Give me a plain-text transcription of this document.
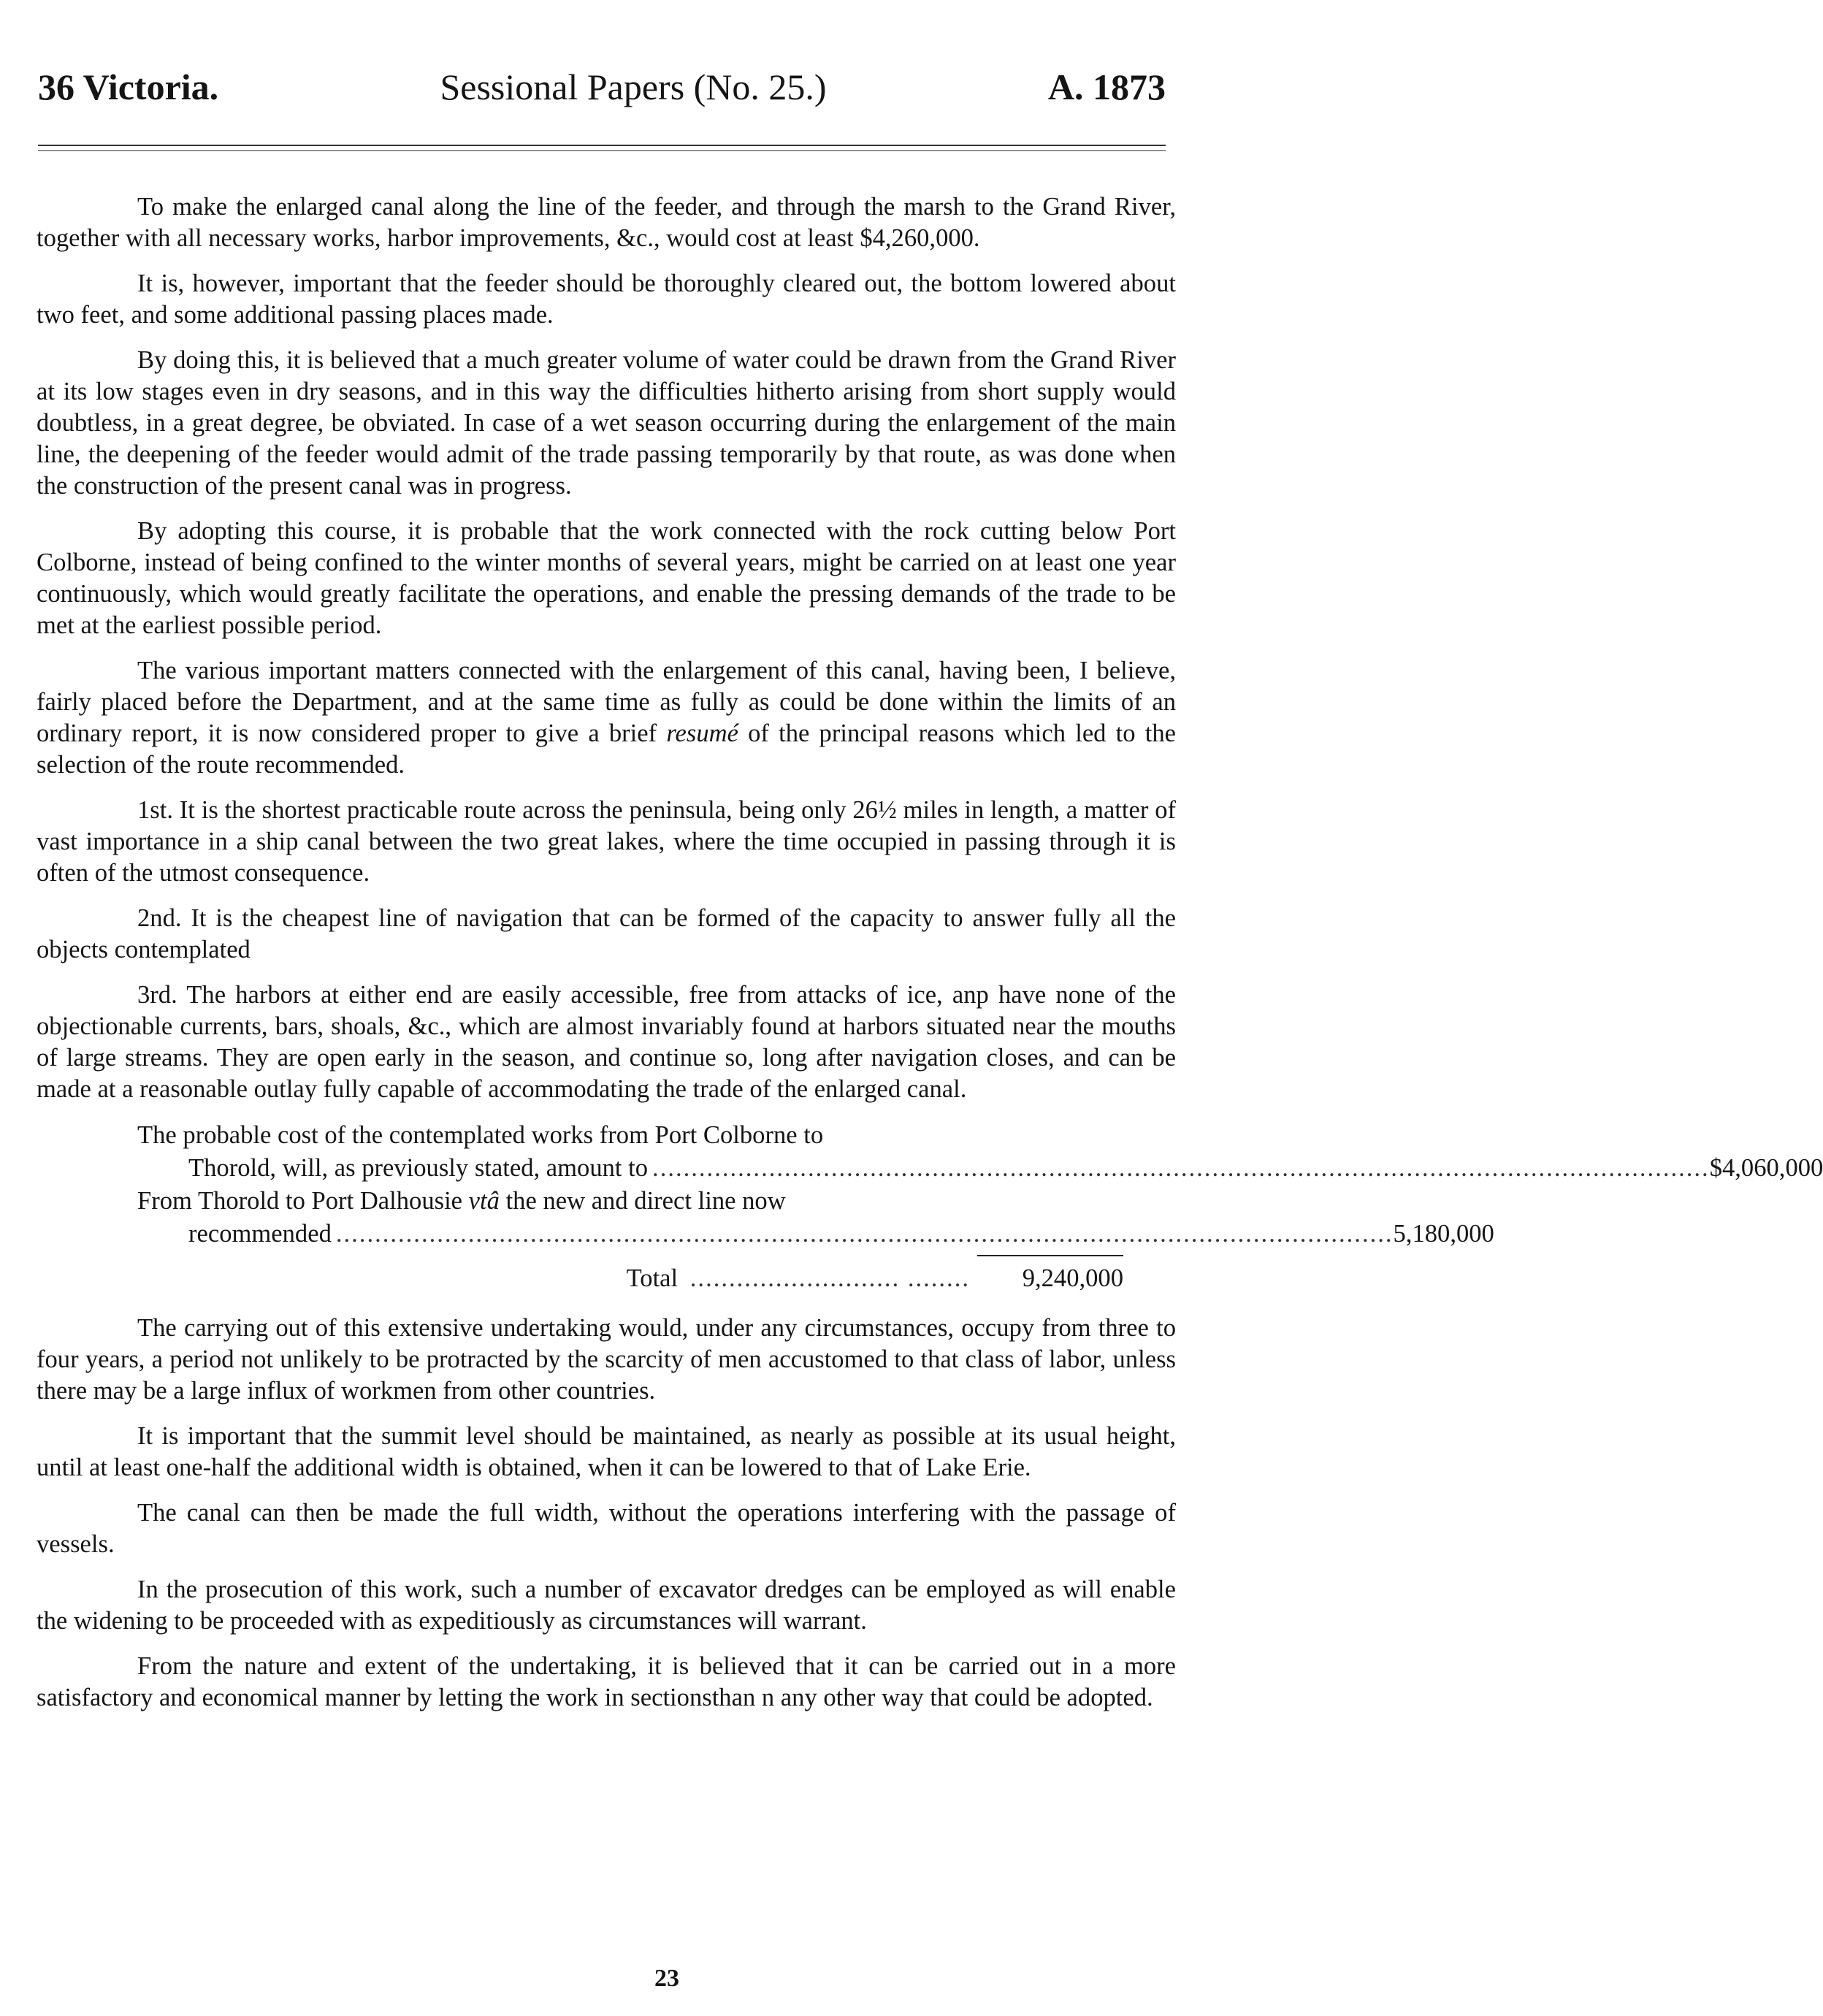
36 Victoria.	Sessional Papers (No. 25.)	A. 1873

To make the enlarged canal along the line of the feeder, and through the marsh to the Grand River, together with all necessary works, harbor improvements, &c., would cost at least $4,260,000.

It is, however, important that the feeder should be thoroughly cleared out, the bottom lowered about two feet, and some additional passing places made.

By doing this, it is believed that a much greater volume of water could be drawn from the Grand River at its low stages even in dry seasons, and in this way the difficulties hitherto arising from short supply would doubtless, in a great degree, be obviated. In case of a wet season occurring during the enlargement of the main line, the deepening of the feeder would admit of the trade passing temporarily by that route, as was done when the construction of the present canal was in progress.

By adopting this course, it is probable that the work connected with the rock cutting below Port Colborne, instead of being confined to the winter months of several years, might be carried on at least one year continuously, which would greatly facilitate the operations, and enable the pressing demands of the trade to be met at the earliest possible period.

The various important matters connected with the enlargement of this canal, having been, I believe, fairly placed before the Department, and at the same time as fully as could be done within the limits of an ordinary report, it is now considered proper to give a brief resumé of the principal reasons which led to the selection of the route recommended.

1st. It is the shortest practicable route across the peninsula, being only 26½ miles in length, a matter of vast importance in a ship canal between the two great lakes, where the time occupied in passing through it is often of the utmost consequence.

2nd. It is the cheapest line of navigation that can be formed of the capacity to answer fully all the objects contemplated

3rd. The harbors at either end are easily accessible, free from attacks of ice, anp have none of the objectionable currents, bars, shoals, &c., which are almost invariably found at harbors situated near the mouths of large streams. They are open early in the season, and continue so, long after navigation closes, and can be made at a reasonable outlay fully capable of accommodating the trade of the enlarged canal.

The probable cost of the contemplated works from Port Colborne to
Thorold, will, as previously stated, amount to ........................................................................................................................................ $4,060,000
From Thorold to Port Dalhousie vtâ the new and direct line now
recommended ........................................................................................................................................ 5,180,000
Total ........................... ........	9,240,000

The carrying out of this extensive undertaking would, under any circumstances, occupy from three to four years, a period not unlikely to be protracted by the scarcity of men accustomed to that class of labor, unless there may be a large influx of workmen from other countries.

It is important that the summit level should be maintained, as nearly as possible at its usual height, until at least one-half the additional width is obtained, when it can be lowered to that of Lake Erie.

The canal can then be made the full width, without the operations interfering with the passage of vessels.

In the prosecution of this work, such a number of excavator dredges can be employed as will enable the widening to be proceeded with as expeditiously as circumstances will warrant.

From the nature and extent of the undertaking, it is believed that it can be carried out in a more satisfactory and economical manner by letting the work in sectionsthan n any other way that could be adopted.

23
